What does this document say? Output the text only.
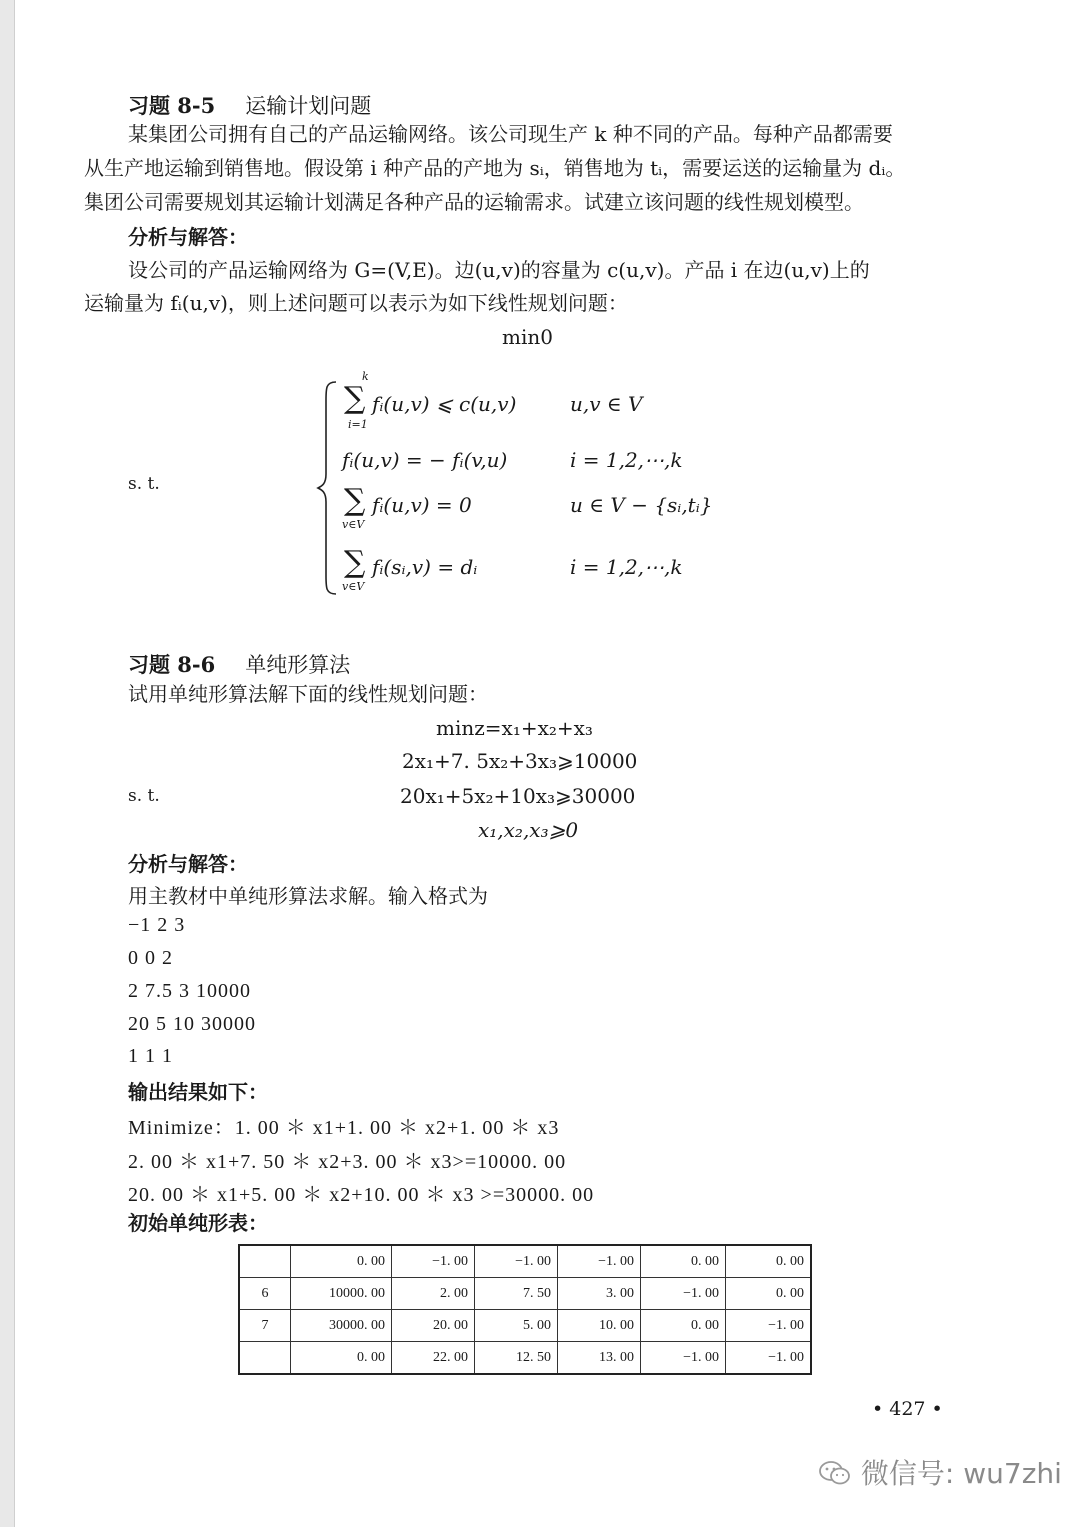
习题 8-5 运输计划问题
某集团公司拥有自己的产品运输网络。该公司现生产 k 种不同的产品。每种产品都需要
从生产地运输到销售地。假设第 i 种产品的产地为 sᵢ，销售地为 tᵢ，需要运送的运输量为 dᵢ。
集团公司需要规划其运输计划满足各种产品的运输需求。试建立该问题的线性规划模型。
分析与解答：
设公司的产品运输网络为 G=(V,E)。边(u,v)的容量为 c(u,v)。产品 i 在边(u,v)上的
运输量为 fᵢ(u,v)，则上述问题可以表示为如下线性规划问题：
min0
s. t.
k
∑
i=1
fᵢ(u,v) ⩽ c(u,v)	u,v ∈ V
fᵢ(u,v) = − fᵢ(v,u)	i = 1,2,⋯,k
∑
v∈V
fᵢ(u,v) = 0	u ∈ V − {sᵢ,tᵢ}
∑
v∈V
fᵢ(sᵢ,v) = dᵢ	i = 1,2,⋯,k
习题 8-6 单纯形算法
试用单纯形算法解下面的线性规划问题：
minz=x₁+x₂+x₃
2x₁+7. 5x₂+3x₃⩾10000
s. t.	20x₁+5x₂+10x₃⩾30000
x₁,x₂,x₃⩾0
分析与解答：
用主教材中单纯形算法求解。输入格式为
−1 2 3
0 0 2
2 7.5 3 10000
20 5 10 30000
1 1 1
输出结果如下：
Minimize：1. 00 ＊ x1+1. 00 ＊ x2+1. 00 ＊ x3
2. 00 ＊ x1+7. 50 ＊ x2+3. 00 ＊ x3>=10000. 00
20. 00 ＊ x1+5. 00 ＊ x2+10. 00 ＊ x3 >=30000. 00
初始单纯形表：
	0. 00	−1. 00	−1. 00	−1. 00	0. 00	0. 00
6	10000. 00	2. 00	7. 50	3. 00	−1. 00	0. 00
7	30000. 00	20. 00	5. 00	10. 00	0. 00	−1. 00
	0. 00	22. 00	12. 50	13. 00	−1. 00	−1. 00
• 427 •
微信号: wu7zhi
